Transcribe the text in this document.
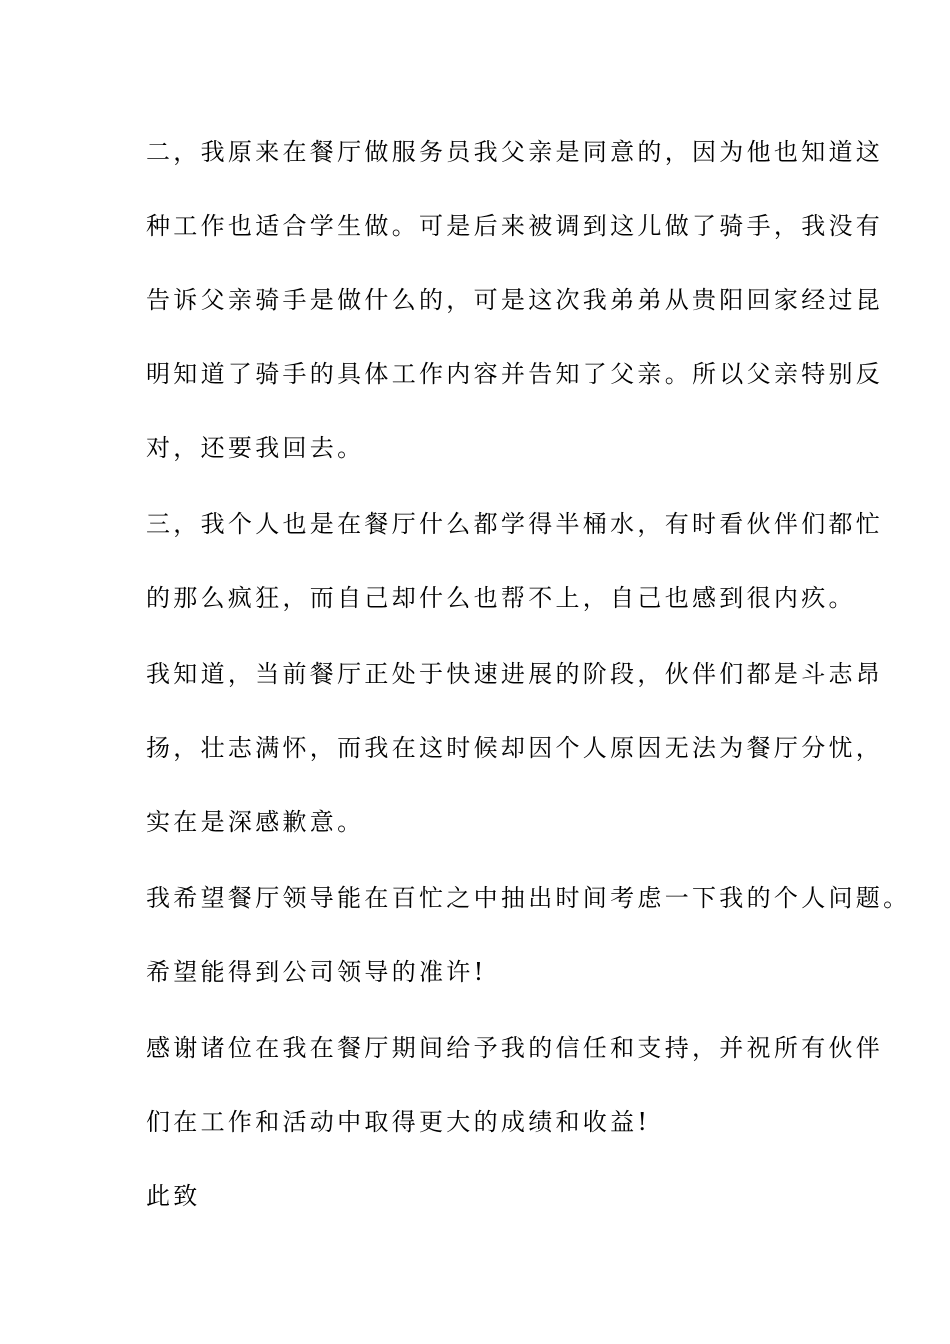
二，我原来在餐厅做服务员我父亲是同意的，因为他也知道这

种工作也适合学生做。可是后来被调到这儿做了骑手，我没有

告诉父亲骑手是做什么的，可是这次我弟弟从贵阳回家经过昆

明知道了骑手的具体工作内容并告知了父亲。所以父亲特别反

对，还要我回去。

三，我个人也是在餐厅什么都学得半桶水，有时看伙伴们都忙

的那么疯狂，而自己却什么也帮不上，自己也感到很内疚。

我知道，当前餐厅正处于快速进展的阶段，伙伴们都是斗志昂

扬，壮志满怀，而我在这时候却因个人原因无法为餐厅分忧，

实在是深感歉意。

我希望餐厅领导能在百忙之中抽出时间考虑一下我的个人问题。

希望能得到公司领导的准许!

感谢诸位在我在餐厅期间给予我的信任和支持，并祝所有伙伴

们在工作和活动中取得更大的成绩和收益!

此致
